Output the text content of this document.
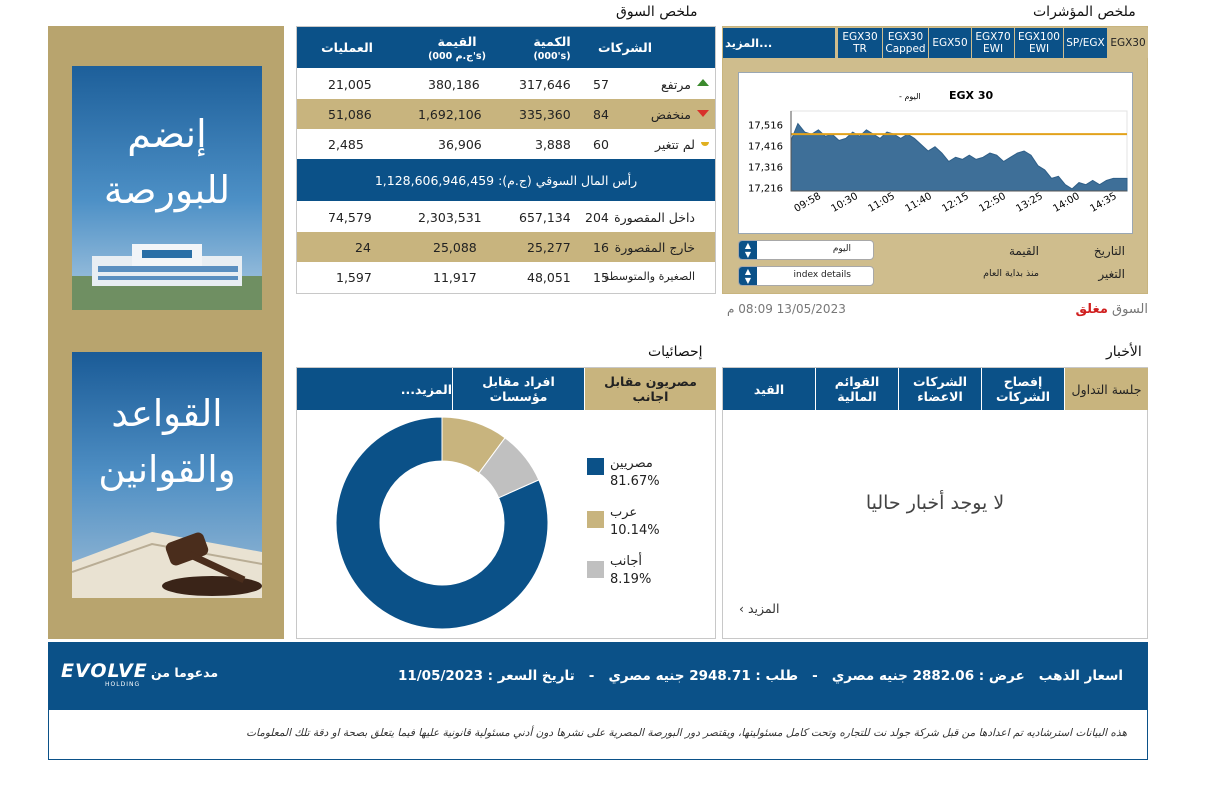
إنضم للبورصة
القواعد والقوانين
ملخص السوق
الشركات
الكمية
(000's)
القيمة
(ج.م 000's)
العمليات
مرتفع
57
317,646
380,186
21,005
منخفض
84
335,360
1,692,106
51,086
لم تتغير
60
3,888
36,906
2,485
رأس المال السوقي (ج.م): 1,128,606,946,459
داخل المقصورة
204
657,134
2,303,531
74,579
خارج المقصورة
16
25,277
25,088
24
الصغيرة والمتوسطة
15
48,051
11,917
1,597
ملخص المؤشرات
المزيد...	EGX30
SP/EGX
EGX100 EWI
EGX70 EWI
EGX50
EGX30 Capped
EGX30 TR
EGX 30
- اليوم
17,216
17,316
17,416
17,516
09:58 10:30 11:05 11:40 12:15 12:50 13:25 14:00 14:35
التاريخ
القيمة
التغير
منذ بداية العام
▲
▼
اليوم
▲
▼
index details
السوق مغلق
13/05/2023 08:09 م
إحصائيات
مصريون مقابل اجانب
افراد مقابل مؤسسات
المزيد...
مصريين
81.67%
عرب
10.14%
أجانب
8.19%
الأخبار
جلسة التداول
إفصاح الشركات
الشركات الاعضاء
القوائم المالية
القيد
لا يوجد أخبار حاليا
‹ المزيد
اسعار الذهب   عرض : 2882.06 جنيه مصري   -   طلب : 2948.71 جنيه مصري   -   تاريخ السعر : 11/05/2023
EVOLVE
HOLDING
مدعوما من
هذه البيانات استرشاديه تم اعدادها من قبل شركة جولد نت للتجاره وتحت كامل مسئوليتها، ويقتصر دور البورصة المصرية على نشرها دون أدني مسئولية قانونية عليها فيما يتعلق بصحة او دقة تلك المعلومات
